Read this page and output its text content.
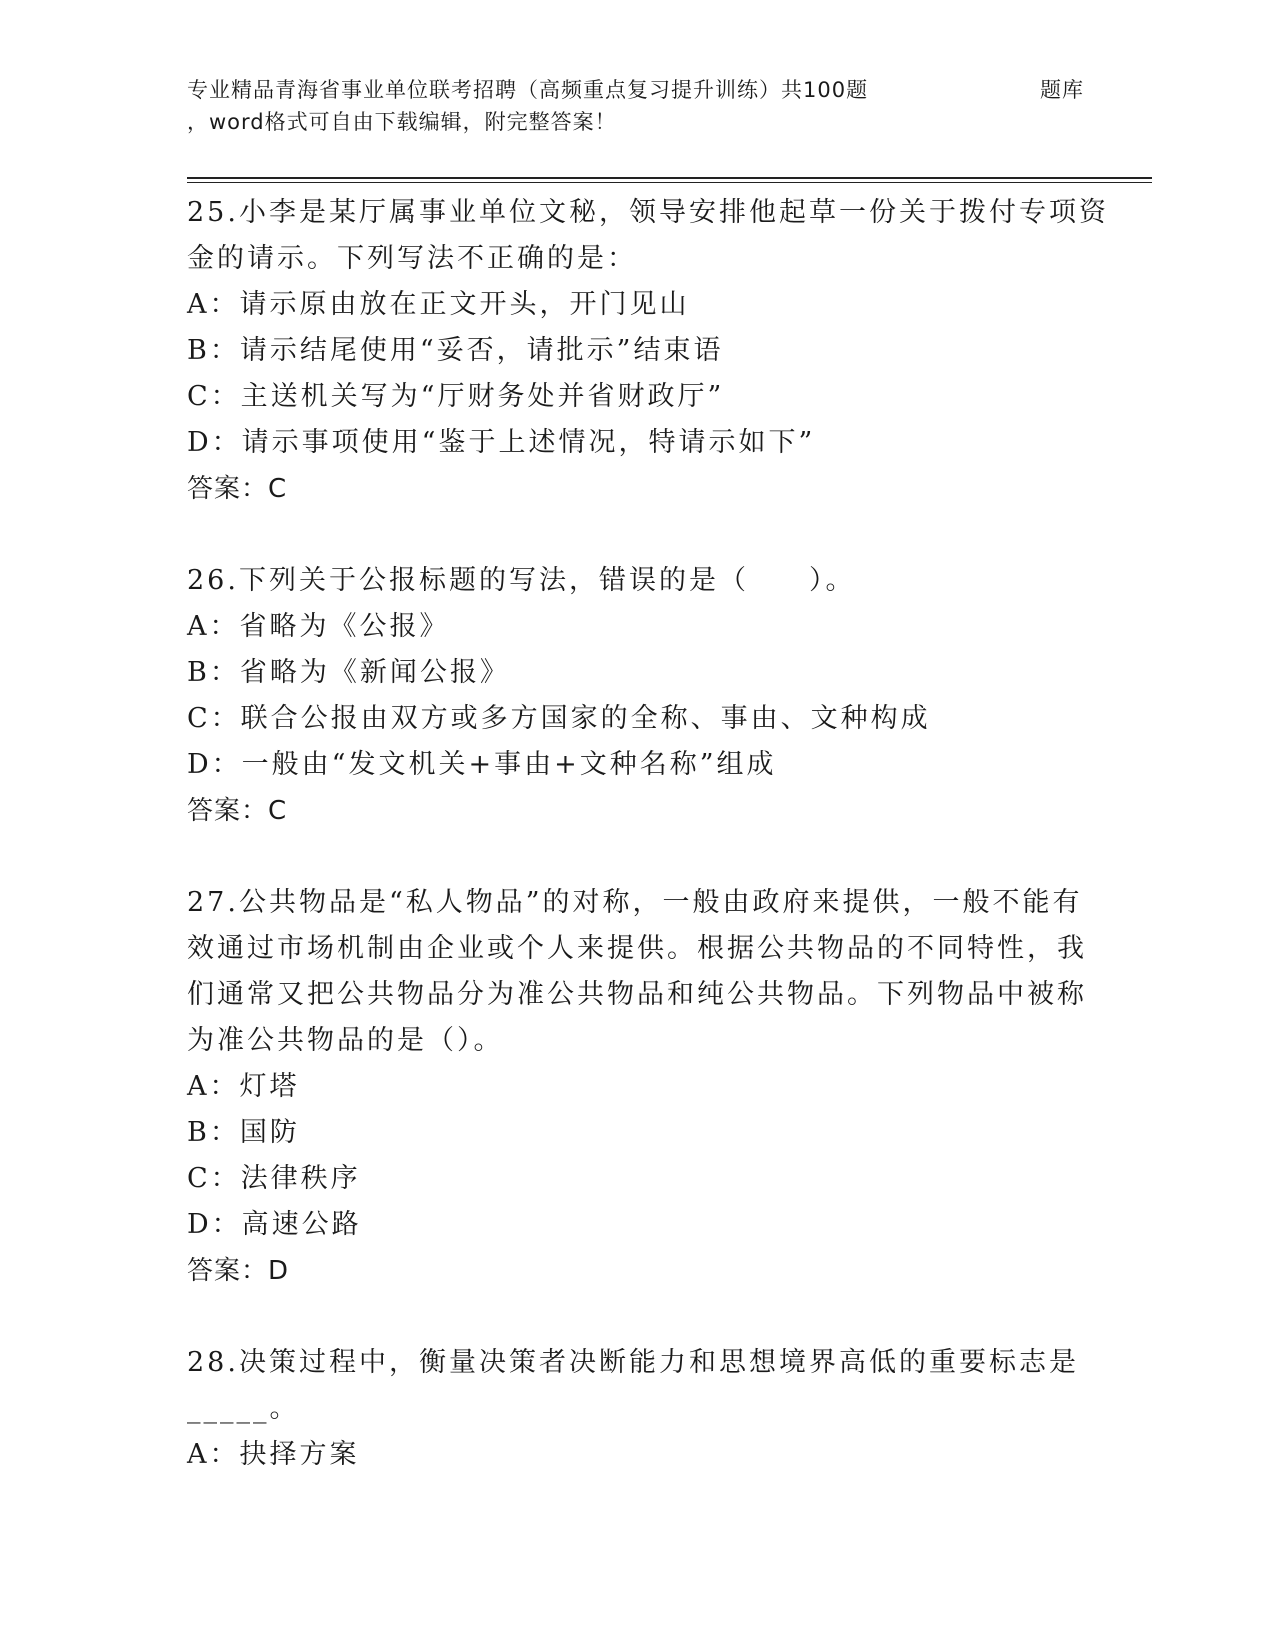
专业精品青海省事业单位联考招聘（高频重点复习提升训练）共100题	题库
，word格式可自由下载编辑，附完整答案！
25.小李是某厅属事业单位文秘，领导安排他起草一份关于拨付专项资
金的请示。下列写法不正确的是：
A：请示原由放在正文开头，开门见山
B：请示结尾使用“妥否，请批示”结束语
C：主送机关写为“厅财务处并省财政厅”
D：请示事项使用“鉴于上述情况，特请示如下”
答案：C
26.下列关于公报标题的写法，错误的是（　　）。
A：省略为《公报》
B：省略为《新闻公报》
C：联合公报由双方或多方国家的全称、事由、文种构成
D：一般由“发文机关+事由+文种名称”组成
答案：C
27.公共物品是“私人物品”的对称，一般由政府来提供，一般不能有
效通过市场机制由企业或个人来提供。根据公共物品的不同特性，我
们通常又把公共物品分为准公共物品和纯公共物品。下列物品中被称
为准公共物品的是（）。
A：灯塔
B：国防
C：法律秩序
D：高速公路
答案：D
28.决策过程中，衡量决策者决断能力和思想境界高低的重要标志是
_____。
A：抉择方案
